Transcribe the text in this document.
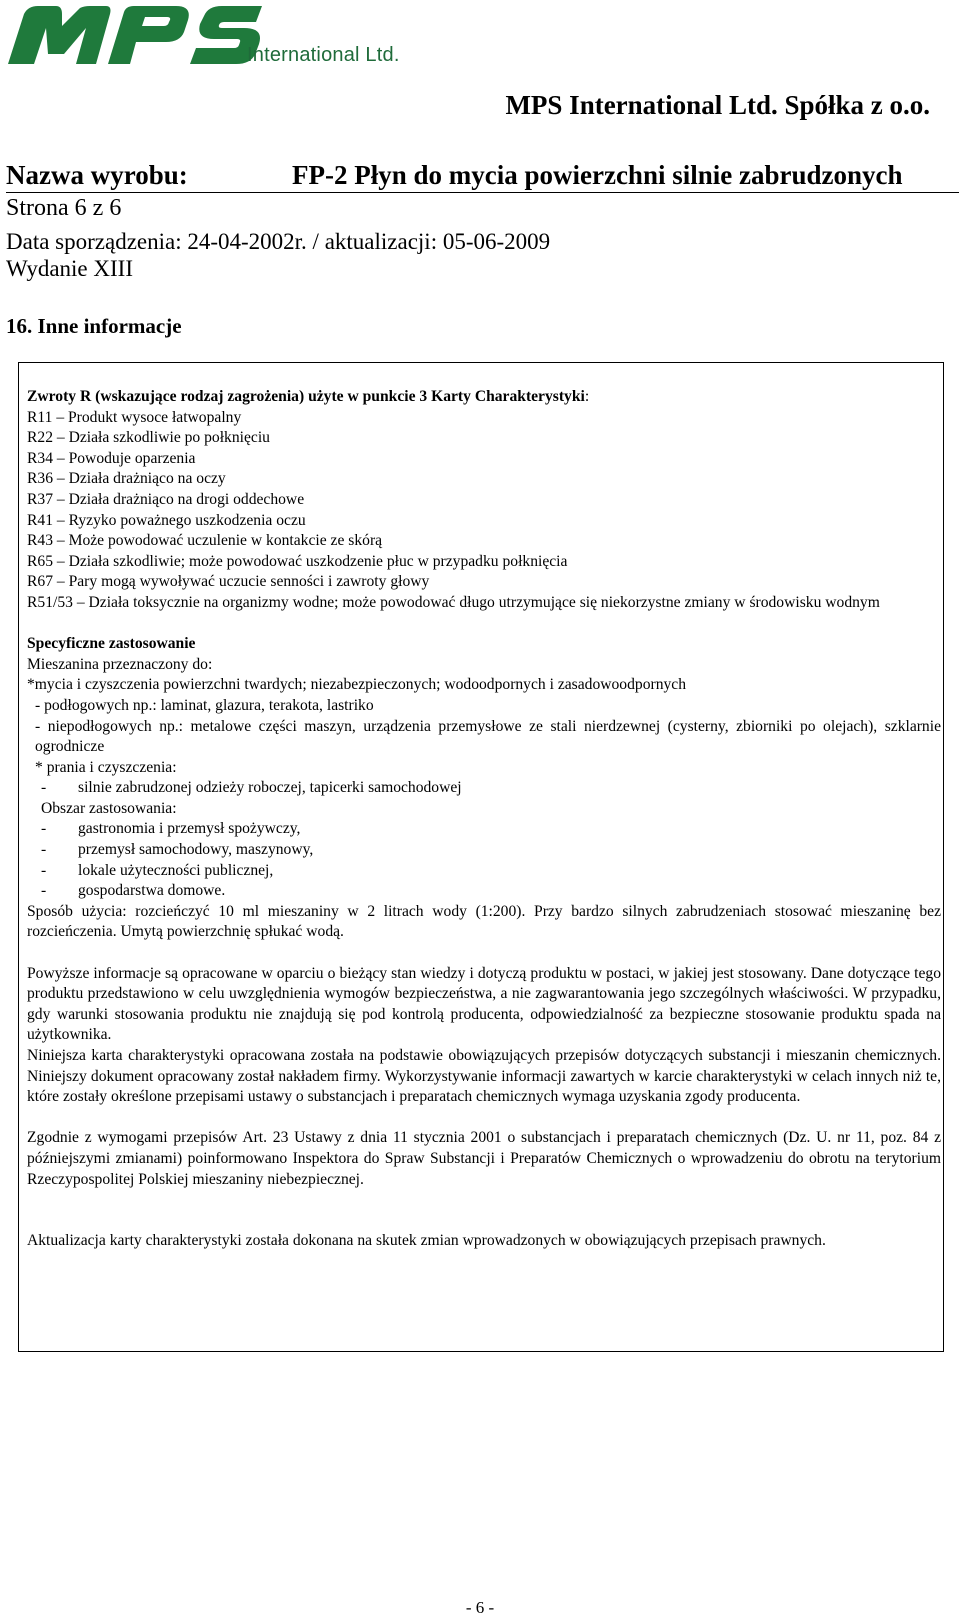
International Ltd.
MPS International Ltd. Spółka z o.o.
Nazwa wyrobu:	FP-2 Płyn do mycia powierzchni silnie zabrudzonych
Strona 6 z 6
Data sporządzenia: 24-04-2002r. / aktualizacji: 05-06-2009
Wydanie XIII
16. Inne informacje
Zwroty R (wskazujące rodzaj zagrożenia) użyte w punkcie 3 Karty Charakterystyki:
R11 – Produkt wysoce łatwopalny
R22 – Działa szkodliwie po połknięciu
R34 – Powoduje oparzenia
R36 – Działa drażniąco na oczy
R37 – Działa drażniąco na drogi oddechowe
R41 – Ryzyko poważnego uszkodzenia oczu
R43 – Może powodować uczulenie w kontakcie ze skórą
R65 – Działa szkodliwie; może powodować uszkodzenie płuc w przypadku połknięcia
R67 – Pary mogą wywoływać uczucie senności i zawroty głowy
R51/53 – Działa toksycznie na organizmy wodne; może powodować długo utrzymujące się niekorzystne zmiany w środowisku wodnym
Specyficzne zastosowanie
Mieszanina przeznaczony do:
*mycia i czyszczenia powierzchni twardych; niezabezpieczonych; wodoodpornych i zasadowoodpornych
- podłogowych np.: laminat, glazura, terakota, lastriko
- niepodłogowych np.: metalowe części maszyn, urządzenia przemysłowe ze stali nierdzewnej (cysterny, zbiorniki po olejach), szklarnie ogrodnicze
* prania i czyszczenia:
- silnie zabrudzonej odzieży roboczej, tapicerki samochodowej
Obszar zastosowania:
- gastronomia i przemysł spożywczy,
- przemysł samochodowy, maszynowy,
- lokale użyteczności publicznej,
- gospodarstwa domowe.
Sposób użycia: rozcieńczyć 10 ml mieszaniny w 2 litrach wody (1:200). Przy bardzo silnych zabrudzeniach stosować mieszaninę bez rozcieńczenia. Umytą powierzchnię spłukać wodą.
Powyższe informacje są opracowane w oparciu o bieżący stan wiedzy i dotyczą produktu w postaci, w jakiej jest stosowany. Dane dotyczące tego produktu przedstawiono w celu uwzględnienia wymogów bezpieczeństwa, a nie zagwarantowania jego szczególnych właściwości. W przypadku, gdy warunki stosowania produktu nie znajdują się pod kontrolą producenta, odpowiedzialność za bezpieczne stosowanie produktu spada na użytkownika.
Niniejsza karta charakterystyki opracowana została na podstawie obowiązujących przepisów dotyczących substancji i mieszanin chemicznych. Niniejszy dokument opracowany został nakładem firmy. Wykorzystywanie informacji zawartych w karcie charakterystyki w celach innych niż te, które zostały określone przepisami ustawy o substancjach i preparatach chemicznych wymaga uzyskania zgody producenta.
Zgodnie z wymogami przepisów Art. 23 Ustawy z dnia 11 stycznia 2001 o substancjach i preparatach chemicznych (Dz. U. nr 11, poz. 84 z późniejszymi zmianami) poinformowano Inspektora do Spraw Substancji i Preparatów Chemicznych o wprowadzeniu do obrotu na terytorium Rzeczypospolitej Polskiej mieszaniny niebezpiecznej.
Aktualizacja karty charakterystyki została dokonana na skutek zmian wprowadzonych w obowiązujących przepisach prawnych.
- 6 -
